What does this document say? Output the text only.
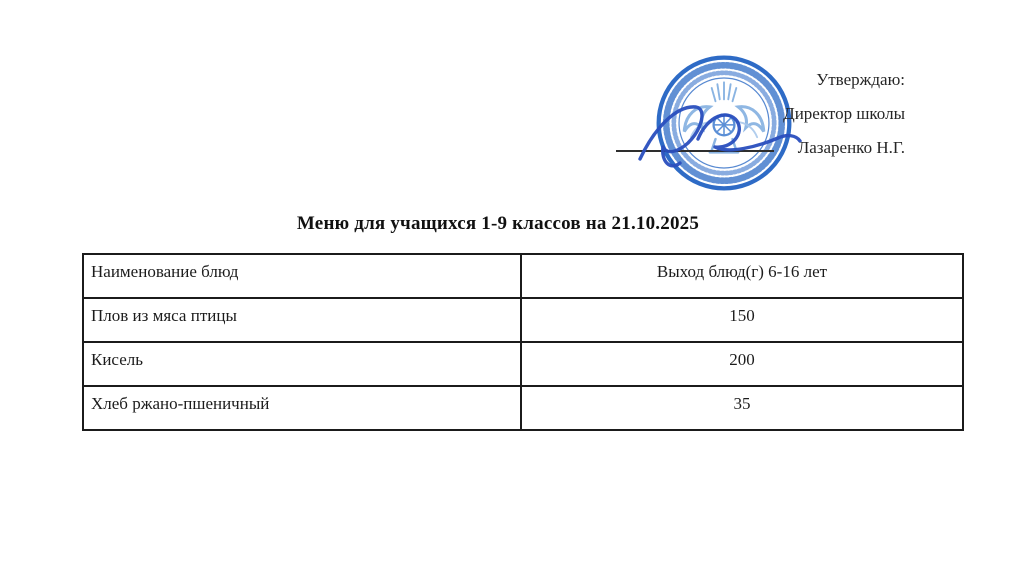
Утверждаю:
Директор школы
Лазаренко Н.Г.
Меню для учащихся 1-9 классов на 21.10.2025
Наименование блюд	Выход блюд(г) 6-16 лет
Плов из мяса птицы	150
Кисель	200
Хлеб ржано-пшеничный	35
